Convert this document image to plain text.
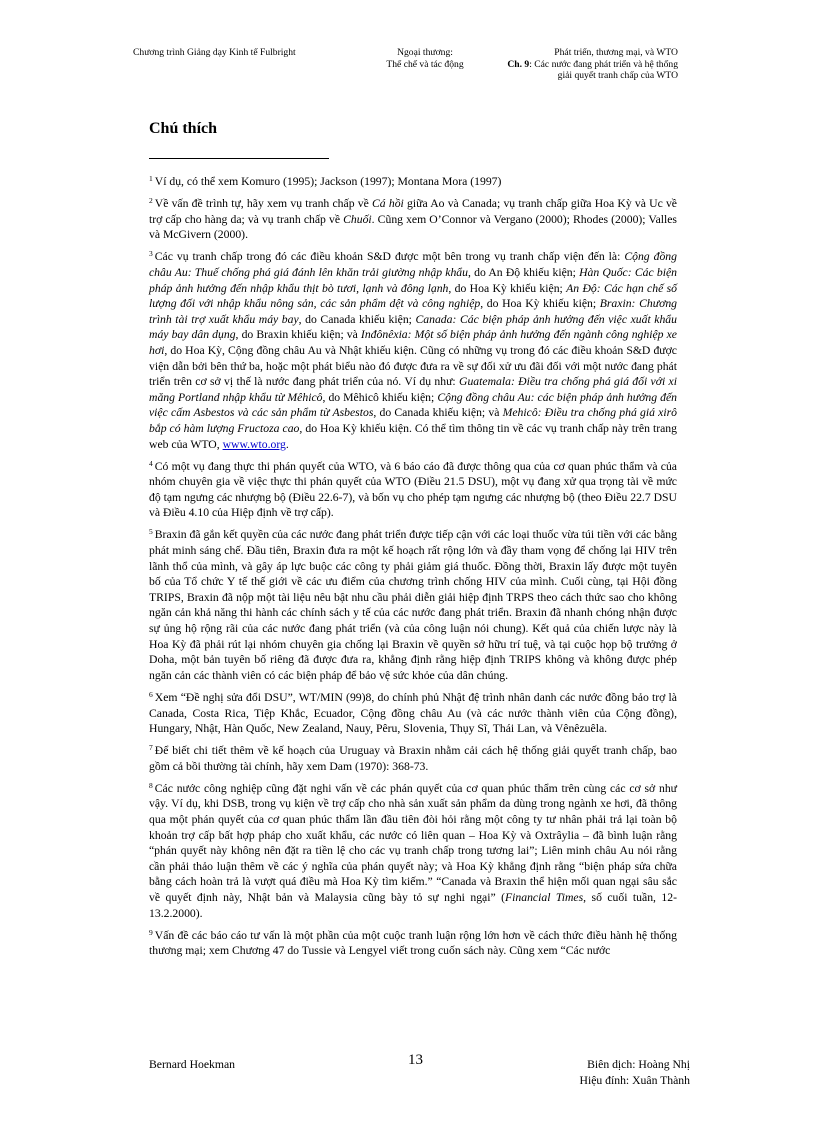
Chương trình Giảng dạy Kinh tế Fulbright	Ngoại thương:
Thể chế và tác động
Phát triển, thương mại, và WTO
Ch. 9: Các nước đang phát triển và hệ thống
giải quyết tranh chấp của WTO
Chú thích

$^1$ Ví dụ, có thể xem Komuro (1995); Jackson (1997); Montana Mora (1997)

$^2$ Về vấn đề trình tự, hãy xem vụ tranh chấp về Cá hồi giữa Ao và Canada; vụ tranh chấp giữa Hoa Kỳ và Uc về trợ cấp cho hàng da; và vụ tranh chấp về Chuối. Cũng xem O’Connor và Vergano (2000); Rhodes (2000); Valles và McGivern (2000).

$^3$ Các vụ tranh chấp trong đó các điều khoản S&D được một bên trong vụ tranh chấp viện đến là: Cộng đồng châu Au: Thuế chống phá giá đánh lên khăn trải giường nhập khẩu, do An Độ khiếu kiện; Hàn Quốc: Các biện pháp ảnh hưởng đến nhập khẩu thịt bò tươi, lạnh và đông lạnh, do Hoa Kỳ khiếu kiện; An Độ: Các hạn chế số lượng đối với nhập khẩu nông sản, các sản phẩm dệt và công nghiệp, do Hoa Kỳ khiếu kiện; Braxin: Chương trình tài trợ xuất khẩu máy bay, do Canada khiếu kiện; Canada: Các biện pháp ảnh hưởng đến việc xuất khẩu máy bay dân dụng, do Braxin khiếu kiện; và Inđônêxia: Một số biện pháp ảnh hưởng đến ngành công nghiệp xe hơi, do Hoa Kỳ, Cộng đồng châu Au và Nhật khiếu kiện. Cũng có những vụ trong đó các điều khoản S&D được viện dẫn bởi bên thứ ba, hoặc một phát biểu nào đó được đưa ra về sự đối xử ưu đãi đối với một nước đang phát triển trên cơ sở vị thế là nước đang phát triển của nó. Ví dụ như: Guatemala: Điều tra chống phá giá đối với xi măng Portland nhập khẩu từ Mêhicô, do Mêhicô khiếu kiện; Cộng đồng châu Au: các biện pháp ảnh hưởng đến việc cấm Asbestos và các sản phẩm từ Asbestos, do Canada khiếu kiện; và Mehicô: Điều tra chống phá giá xirô bắp có hàm lượng Fructoza cao, do Hoa Kỳ khiếu kiện. Có thể tìm thông tin về các vụ tranh chấp này trên trang web của WTO, www.wto.org.

$^4$ Có một vụ đang thực thi phán quyết của WTO, và 6 báo cáo đã được thông qua của cơ quan phúc thẩm và của nhóm chuyên gia về việc thực thi phán quyết của WTO (Điều 21.5 DSU), một vụ đang xử qua trọng tài về mức độ tạm ngưng các nhượng bộ (Điều 22.6-7), và bốn vụ cho phép tạm ngưng các nhượng bộ (theo Điều 22.7 DSU và Điều 4.10 của Hiệp định về trợ cấp).

$^5$ Braxin đã gắn kết quyền của các nước đang phát triển được tiếp cận với các loại thuốc vừa túi tiền với các bằng phát minh sáng chế. Đầu tiên, Braxin đưa ra một kế hoạch rất rộng lớn và đầy tham vọng để chống lại HIV trên lãnh thổ của mình, và gây áp lực buộc các công ty phải giảm giá thuốc. Đồng thời, Braxin lấy được một tuyên bố của Tổ chức Y tế thế giới về các ưu điểm của chương trình chống HIV của mình. Cuối cùng, tại Hội đồng TRIPS, Braxin đã nộp một tài liệu nêu bật nhu cầu phải diễn giải hiệp định TRPS theo cách thức sao cho không ngăn cản khả năng thi hành các chính sách y tế của các nước đang phát triển. Braxin đã nhanh chóng nhận được sự ủng hộ rộng rãi của các nước đang phát triển (và của công luận nói chung). Kết quả của chiến lược này là Hoa Kỳ đã phải rút lại nhóm chuyên gia chống lại Braxin về quyền sở hữu trí tuệ, và tại cuộc họp bộ trưởng ở Doha, một bản tuyên bố riêng đã được đưa ra, khẳng định rằng hiệp định TRIPS không và không được phép ngăn cản các thành viên có các biện pháp để bảo vệ sức khỏe của dân chúng.

$^6$ Xem “Đề nghị sửa đổi DSU”, WT/MIN (99)8, do chính phủ Nhật đệ trình nhân danh các nước đồng bảo trợ là Canada, Costa Rica, Tiệp Khắc, Ecuador, Cộng đồng châu Au (và các nước thành viên của Cộng đồng), Hungary, Nhật, Hàn Quốc, New Zealand, Nauy, Pêru, Slovenia, Thụy Sĩ, Thái Lan, và Vênêzuêla.

$^7$ Để biết chi tiết thêm về kế hoạch của Uruguay và Braxin nhằm cải cách hệ thống giải quyết tranh chấp, bao gồm cả bồi thường tài chính, hãy xem Dam (1970): 368-73.

$^8$ Các nước công nghiệp cũng đặt nghi vấn về các phán quyết của cơ quan phúc thẩm trên cùng các cơ sở như vậy. Ví dụ, khi DSB, trong vụ kiện về trợ cấp cho nhà sản xuất sản phẩm da dùng trong ngành xe hơi, đã thông qua một phán quyết của cơ quan phúc thẩm lần đầu tiên đòi hỏi rằng một công ty tư nhân phải trả lại toàn bộ khoản trợ cấp bất hợp pháp cho xuất khẩu, các nước có liên quan – Hoa Kỳ và Oxtrâylia – đã bình luận rằng “phán quyết này không nên đặt ra tiền lệ cho các vụ tranh chấp trong tương lai”; Liên minh châu Au nói rằng cần phải thảo luận thêm về các ý nghĩa của phán quyết này; và Hoa Kỳ khẳng định rằng “biện pháp sửa chữa bằng cách hoàn trả là vượt quá điều mà Hoa Kỳ tìm kiếm.” “Canada và Braxin thể hiện mối quan ngại sâu sắc về quyết định này, Nhật bản và Malaysia cũng bày tỏ sự nghi ngại” (Financial Times, số cuối tuần, 12-13.2.2000).

$^9$ Vấn đề các báo cáo tư vấn là một phần của một cuộc tranh luận rộng lớn hơn về cách thức điều hành hệ thống thương mại; xem Chương 47 do Tussie và Lengyel viết trong cuốn sách này. Cũng xem “Các nước

Bernard Hoekman	13	Biên dịch: Hoàng Nhị
Hiệu đính: Xuân Thành
